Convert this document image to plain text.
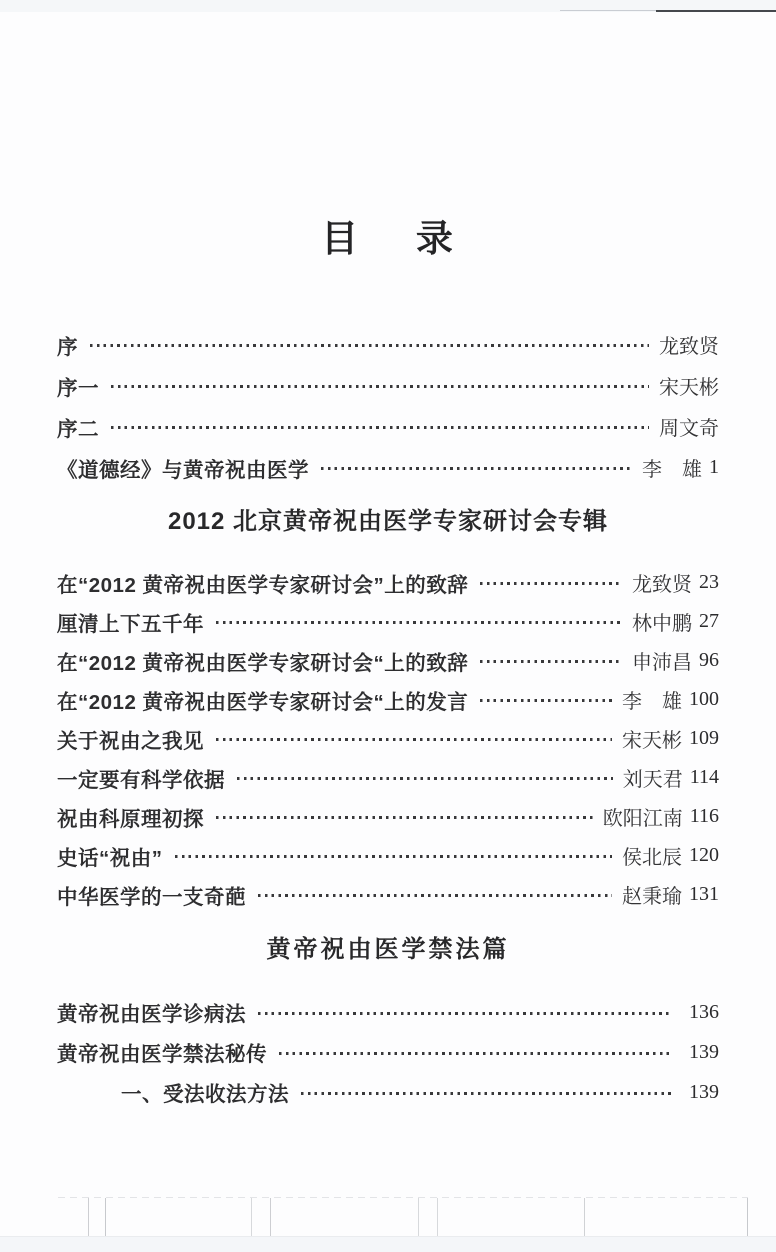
目 录
序	龙致贤
序一	宋天彬
序二	周文奇
《道德经》与黄帝祝由医学	李　雄 1
2012 北京黄帝祝由医学专家研讨会专辑
在“2012 黄帝祝由医学专家研讨会”上的致辞	龙致贤 23
厘清上下五千年	林中鹏 27
在“2012 黄帝祝由医学专家研讨会“上的致辞	申沛昌 96
在“2012 黄帝祝由医学专家研讨会“上的发言	李　雄 100
关于祝由之我见	宋天彬 109
一定要有科学依据	刘天君 114
祝由科原理初探	欧阳江南 116
史话“祝由”	侯北辰 120
中华医学的一支奇葩	赵秉瑜 131
黄帝祝由医学禁法篇
黄帝祝由医学诊病法	136
黄帝祝由医学禁法秘传	139
一、受法收法方法	139
